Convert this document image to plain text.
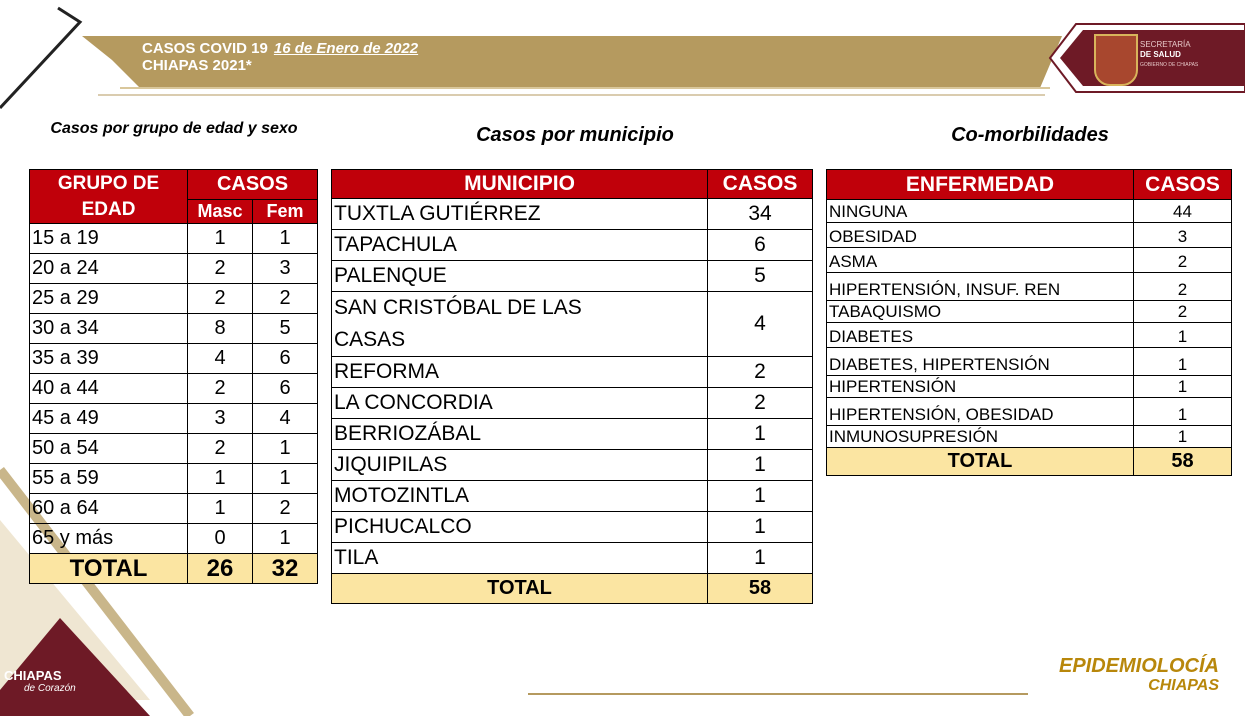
SECRETARÍA
DE SALUD
GOBIERNO DE CHIAPAS
CASOS COVID 19 16 de Enero de 2022
CHIAPAS 2021*
Casos por grupo de edad y sexo	Casos por municipio	Co-morbilidades
GRUPO DE
EDAD	CASOS	
	Masc	Fem
15 a 19	1	1
20 a 24	2	3
25 a 29	2	2
30 a 34	8	5
35 a 39	4	6
40 a 44	2	6
45 a 49	3	4
50 a 54	2	1
55 a 59	1	1
60 a 64	1	2
65 y más	0	1
TOTAL	26	32
MUNICIPIO	CASOS
TUXTLA GUTIÉRREZ	34
TAPACHULA	6
PALENQUE	5

SAN CRISTÓBAL DE LAS
CASAS	4
REFORMA	2
LA CONCORDIA	2
BERRIOZÁBAL	1
JIQUIPILAS	1
MOTOZINTLA	1
PICHUCALCO	1
TILA	1
TOTAL	58
ENFERMEDAD	CASOS
NINGUNA	44
OBESIDAD	3
ASMA	2
HIPERTENSIÓN, INSUF. REN	2
TABAQUISMO	2
DIABETES	1
DIABETES, HIPERTENSIÓN	1
HIPERTENSIÓN	1
HIPERTENSIÓN, OBESIDAD	1
INMUNOSUPRESIÓN	1
TOTAL	58
CHIAPAS
de Corazón
EPIDEMIOLOCÍA
CHIAPAS
